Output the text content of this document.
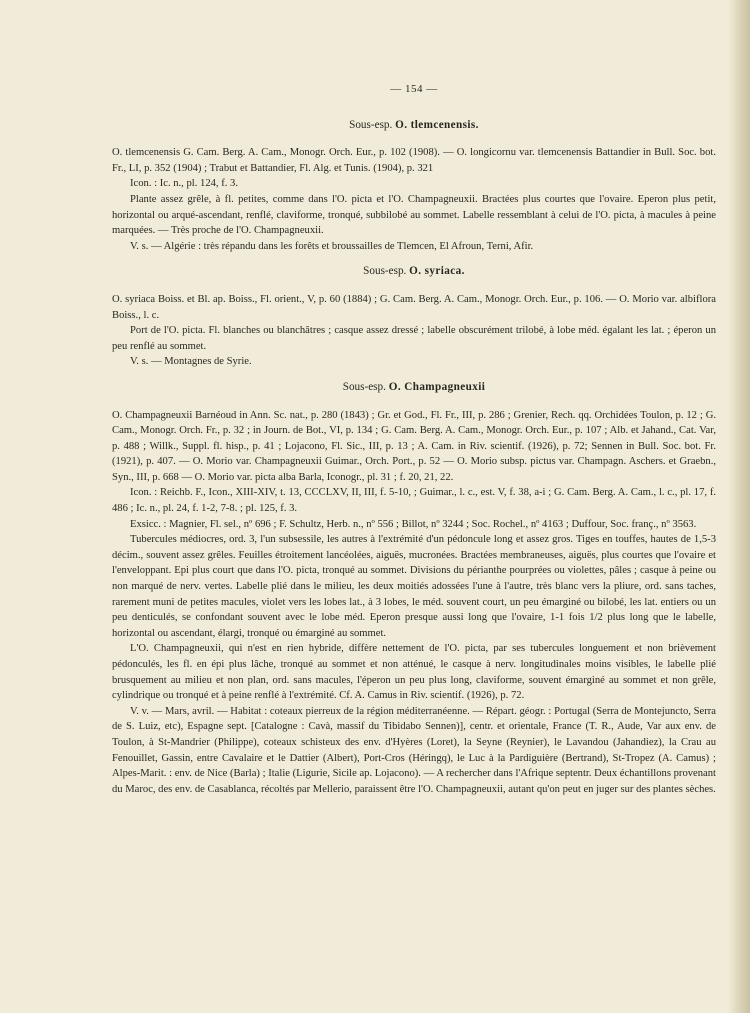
— 154 —
Sous-esp. O. tlemcenensis.

O. tlemcenensis G. Cam. Berg. A. Cam., Monogr. Orch. Eur., p. 102 (1908). — O. longicornu var. tlemcenensis Battandier in Bull. Soc. bot. Fr., LI, p. 352 (1904) ; Trabut et Battandier, Fl. Alg. et Tunis. (1904), p. 321

Icon. : Ic. n., pl. 124, f. 3.

Plante assez grêle, à fl. petites, comme dans l'O. picta et l'O. Champagneuxii. Bractées plus courtes que l'ovaire. Eperon plus petit, horizontal ou arqué-ascendant, renflé, claviforme, tronqué, subbilobé au sommet. Labelle ressemblant à celui de l'O. picta, à macules à peine marquées. — Très proche de l'O. Champagneuxii.

V. s. — Algérie : très répandu dans les forêts et broussailles de Tlemcen, El Afroun, Terni, Afir.

Sous-esp. O. syriaca.

O. syriaca Boiss. et Bl. ap. Boiss., Fl. orient., V, p. 60 (1884) ; G. Cam. Berg. A. Cam., Monogr. Orch. Eur., p. 106. — O. Morio var. albiflora Boiss., l. c.

Port de l'O. picta. Fl. blanches ou blanchâtres ; casque assez dressé ; labelle obscurément trilobé, à lobe méd. égalant les lat. ; éperon un peu renflé au sommet.

V. s. — Montagnes de Syrie.

Sous-esp. O. Champagneuxii

O. Champagneuxii Barnéoud in Ann. Sc. nat., p. 280 (1843) ; Gr. et God., Fl. Fr., III, p. 286 ; Grenier, Rech. qq. Orchidées Toulon, p. 12 ; G. Cam., Monogr. Orch. Fr., p. 32 ; in Journ. de Bot., VI, p. 134 ; G. Cam. Berg. A. Cam., Monogr. Orch. Eur., p. 107 ; Alb. et Jahand., Cat. Var, p. 488 ; Willk., Suppl. fl. hisp., p. 41 ; Lojacono, Fl. Sic., III, p. 13 ; A. Cam. in Riv. scientif. (1926), p. 72; Sennen in Bull. Soc. bot. Fr. (1921), p. 407. — O. Morio var. Champagneuxii Guimar., Orch. Port., p. 52 — O. Morio subsp. pictus var. Champagn. Aschers. et Graebn., Syn., III, p. 668 — O. Morio var. picta alba Barla, Iconogr., pl. 31 ; f. 20, 21, 22.

Icon. : Reichb. F., Icon., XIII-XIV, t. 13, CCCLXV, II, III, f. 5-10, ; Guimar., l. c., est. V, f. 38, a-i ; G. Cam. Berg. A. Cam., l. c., pl. 17, f. 486 ; Ic. n., pl. 24, f. 1-2, 7-8. ; pl. 125, f. 3.

Exsicc. : Magnier, Fl. sel., nº 696 ; F. Schultz, Herb. n., nº 556 ; Billot, nº 3244 ; Soc. Rochel., nº 4163 ; Duffour, Soc. franç., nº 3563.

Tubercules médiocres, ord. 3, l'un subsessile, les autres à l'extrémité d'un pédoncule long et assez gros. Tiges en touffes, hautes de 1,5-3 décim., souvent assez grêles. Feuilles étroitement lancéolées, aiguës, mucronées. Bractées membraneuses, aiguës, plus courtes que l'ovaire et l'enveloppant. Epi plus court que dans l'O. picta, tronqué au sommet. Divisions du périanthe pourprées ou violettes, pâles ; casque à peine ou non marqué de nerv. vertes. Labelle plié dans le milieu, les deux moitiés adossées l'une à l'autre, très blanc vers la pliure, ord. sans taches, rarement muni de petites macules, violet vers les lobes lat., à 3 lobes, le méd. souvent court, un peu émarginé ou bilobé, les lat. entiers ou un peu denticulés, se confondant souvent avec le lobe méd. Eperon presque aussi long que l'ovaire, 1-1 fois 1/2 plus long que le labelle, horizontal ou ascendant, élargi, tronqué ou émarginé au sommet.

L'O. Champagneuxii, qui n'est en rien hybride, diffère nettement de l'O. picta, par ses tubercules longuement et non brièvement pédonculés, les fl. en épi plus lâche, tronqué au sommet et non atténué, le casque à nerv. longitudinales moins visibles, le labelle plié brusquement au milieu et non plan, ord. sans macules, l'éperon un peu plus long, claviforme, souvent émarginé au sommet et non grêle, cylindrique ou tronqué et à peine renflé à l'extrémité. Cf. A. Camus in Riv. scientif. (1926), p. 72.

V. v. — Mars, avril. — Habitat : coteaux pierreux de la région méditerranéenne. — Répart. géogr. : Portugal (Serra de Montejuncto, Serra de S. Luiz, etc), Espagne sept. [Catalogne : Cavà, massif du Tibidabo Sennen)], centr. et orientale, France (T. R., Aude, Var aux env. de Toulon, à St-Mandrier (Philippe), coteaux schisteux des env. d'Hyères (Loret), la Seyne (Reynier), le Lavandou (Jahandiez), la Crau au Fenouillet, Gassin, entre Cavalaire et le Dattier (Albert), Port-Cros (Héringq), le Luc à la Pardiguière (Bertrand), St-Tropez (A. Camus) ; Alpes-Marit. : env. de Nice (Barla) ; Italie (Ligurie, Sicile ap. Lojacono). — A rechercher dans l'Afrique septentr. Deux échantillons provenant du Maroc, des env. de Casablanca, récoltés par Mellerio, paraissent être l'O. Champagneuxii, autant qu'on peut en juger sur des plantes sèches.
